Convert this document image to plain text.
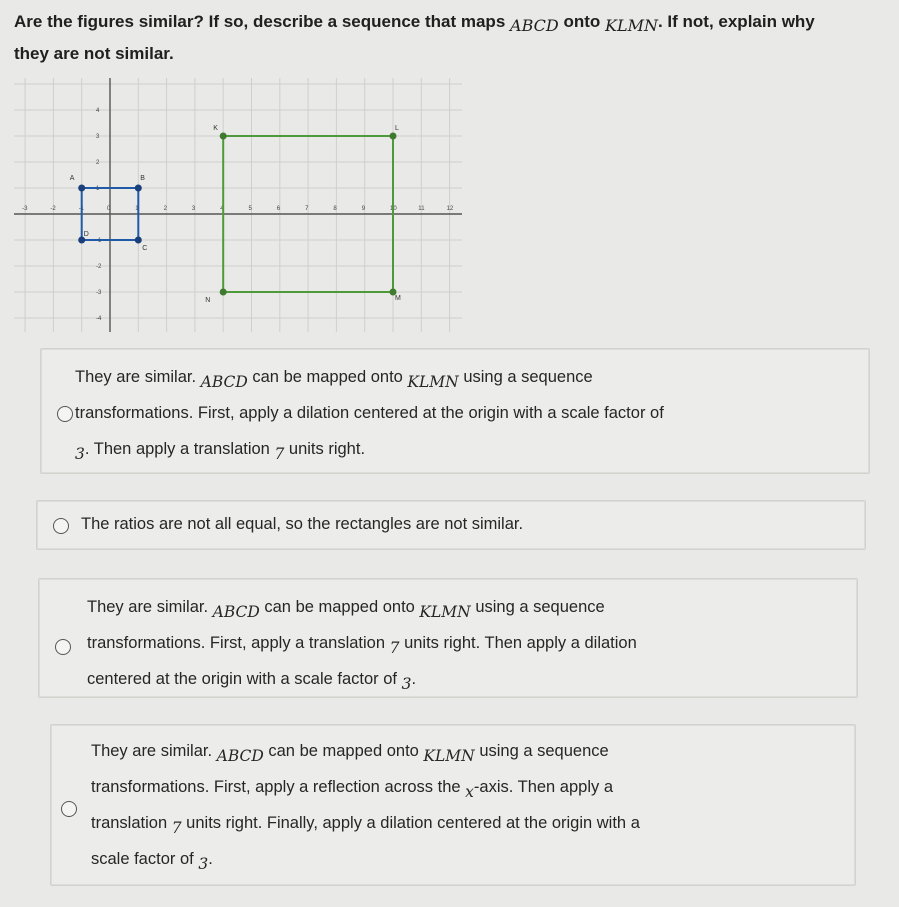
Are the figures similar? If so, describe a sequence that maps ABCD onto KLMN. If not, explain why
they are not similar.
-3	-2	-1	0	1	2	3	4	5	6	7	8	9	10	11	12
4
3
2
1
-1
-2
-3
-4
A	B
C
D
K	L
M
N
They are similar. ABCD can be mapped onto KLMN using a sequence
transformations. First, apply a dilation centered at the origin with a scale factor of
3. Then apply a translation 7 units right.
The ratios are not all equal, so the rectangles are not similar.
They are similar. ABCD can be mapped onto KLMN using a sequence
transformations. First, apply a translation 7 units right. Then apply a dilation
centered at the origin with a scale factor of 3.
They are similar. ABCD can be mapped onto KLMN using a sequence
transformations. First, apply a reflection across the x-axis. Then apply a
translation 7 units right. Finally, apply a dilation centered at the origin with a
scale factor of 3.
